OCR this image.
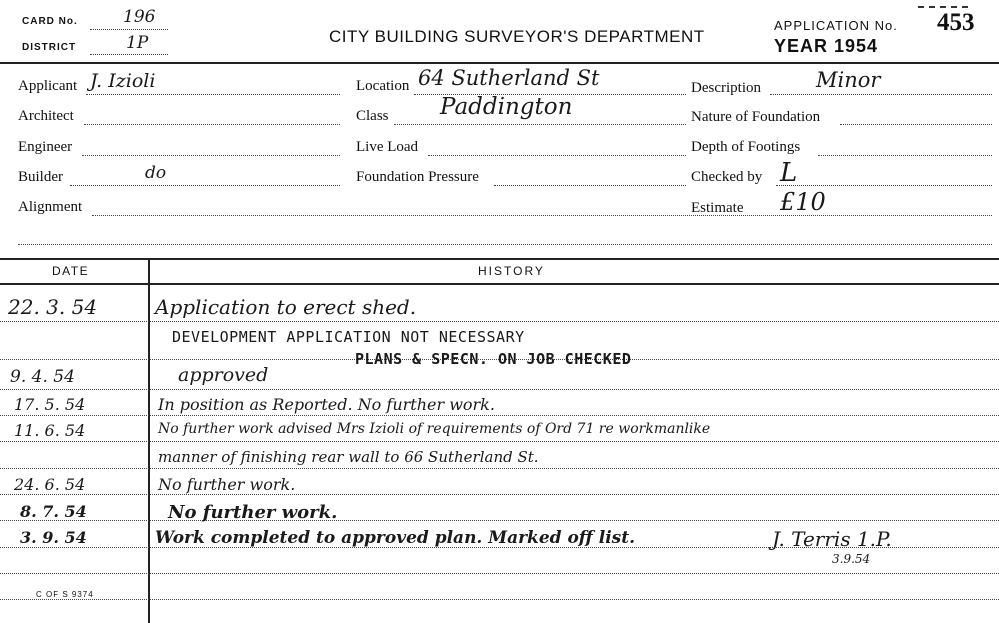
CARD No.	196
DISTRICT	1P	CITY BUILDING SURVEYOR'S DEPARTMENT
APPLICATION No. 453
YEAR 1954
Applicant J. Izioli
Architect
Engineer
Builder	do
Alignment
Location 64 Sutherland St
Class Paddington
Live Load
Foundation Pressure
Description	Minor
Nature of Foundation
Depth of Footings
Checked by L
Estimate £10
DATE	HISTORY
22. 3. 54	Application to erect shed.
DEVELOPMENT APPLICATION NOT NECESSARY
PLANS & SPECN. ON JOB CHECKED
9. 4. 54	approved
17. 5. 54	In position as Reported. No further work.
11. 6. 54	No further work advised Mrs Izioli of requirements of Ord 71 re workmanlike
manner of finishing rear wall to 66 Sutherland St.
24. 6. 54	No further work.
8. 7. 54	No further work.
3. 9. 54	Work completed to approved plan. Marked off list.	J. Terris 1.P.
3.9.54
C OF S 9374
